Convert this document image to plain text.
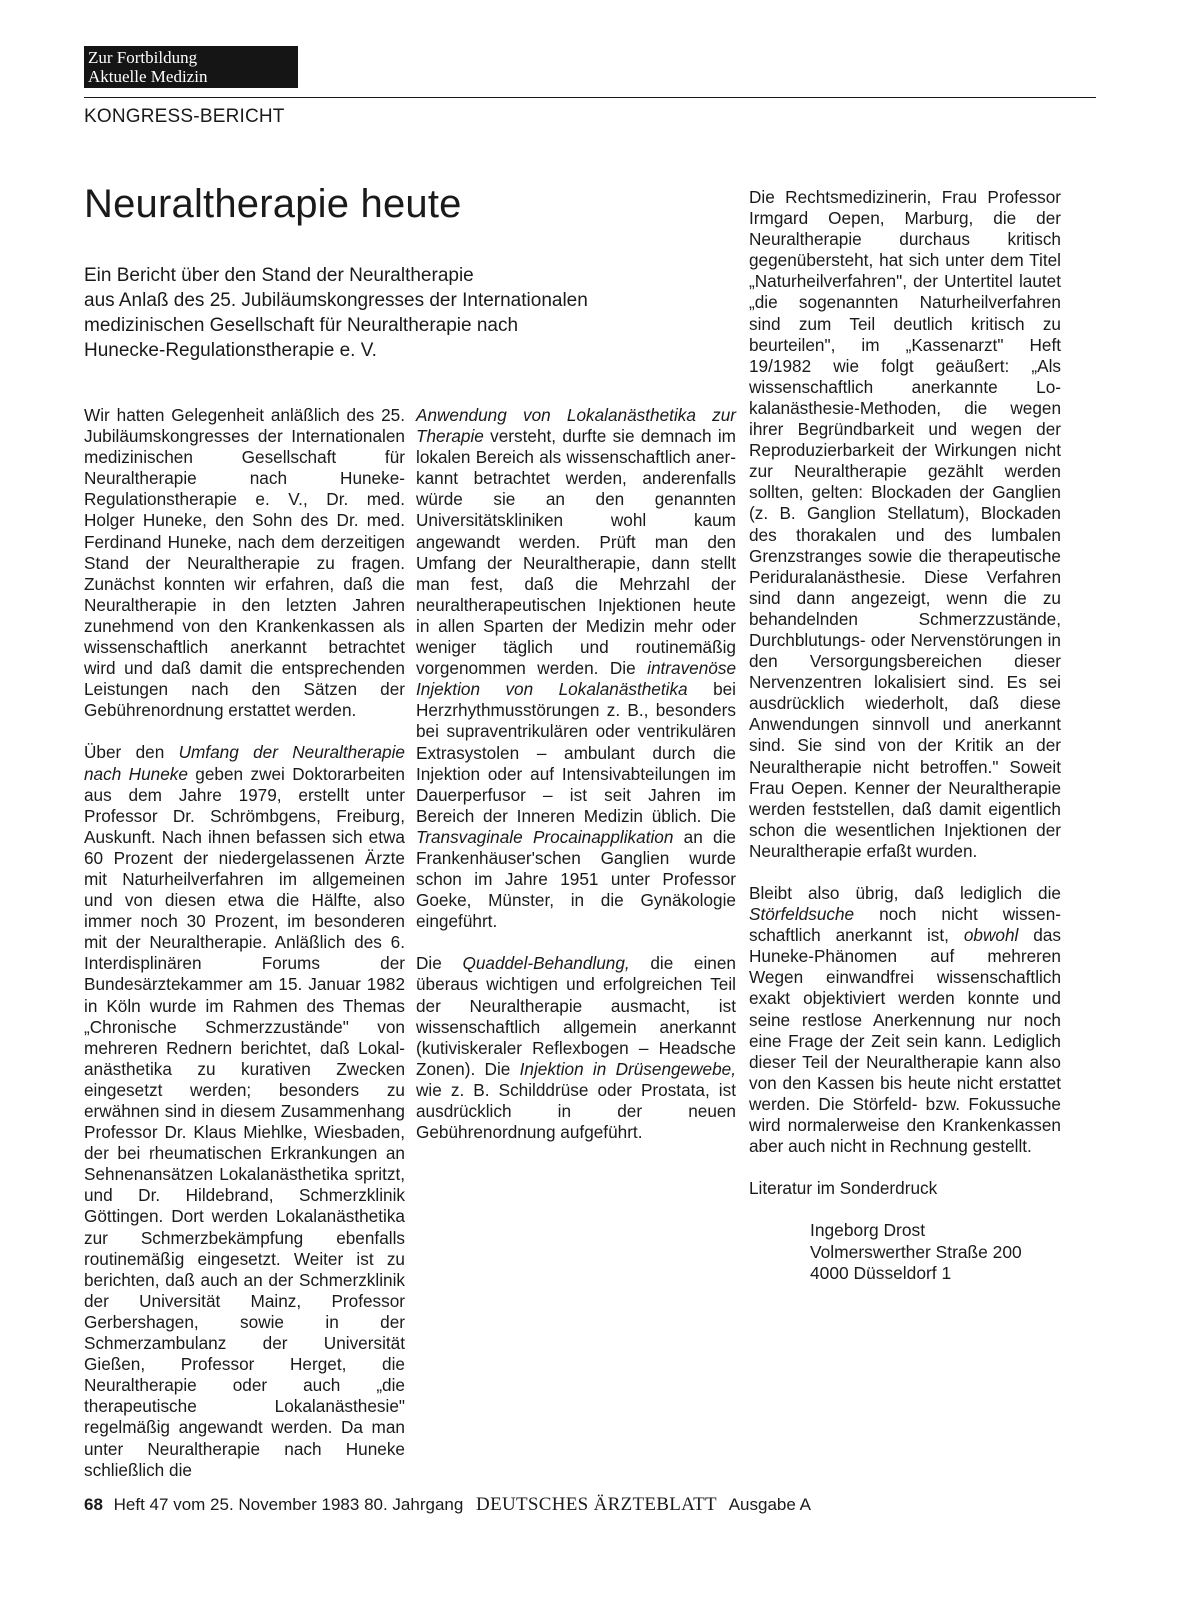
Zur Fortbildung
Aktuelle Medizin
KONGRESS-BERICHT
Neuraltherapie heute
Ein Bericht über den Stand der Neuraltherapie
aus Anlaß des 25. Jubiläumskongresses der Internationalen
medizinischen Gesellschaft für Neuraltherapie nach
Hunecke-Regulationstherapie e. V.

Wir hatten Gelegenheit anläßlich des 25. Jubiläumskongresses der Internationalen medizinischen Gesellschaft für Neuraltherapie nach Huneke-Regulationstherapie e. V., Dr. med. Holger Huneke, den Sohn des Dr. med. Ferdinand Huneke, nach dem derzeitigen Stand der Neuraltherapie zu fragen. Zunächst konnten wir erfahren, daß die Neuraltherapie in den letzten Jahren zunehmend von den Krankenkassen als wissenschaftlich anerkannt betrachtet wird und daß damit die entsprechenden Leistungen nach den Sätzen der Gebührenordnung erstattet werden.

Über den Umfang der Neuraltherapie nach Huneke geben zwei Doktorarbeiten aus dem Jahre 1979, erstellt unter Professor Dr. Schrömbgens, Freiburg, Auskunft. Nach ihnen befassen sich etwa 60 Prozent der niedergelassenen Ärzte mit Naturheilverfahren im allgemeinen und von diesen etwa die Hälfte, also immer noch 30 Prozent, im besonderen mit der Neuraltherapie. Anläßlich des 6. Interdisplinären Forums der Bundesärztekammer am 15. Januar 1982 in Köln wurde im Rahmen des Themas „Chronische Schmerzzustände" von mehreren Rednern berichtet, daß Lokalanästhetika zu kurativen Zwecken eingesetzt werden; besonders zu erwähnen sind in diesem Zusammenhang Professor Dr. Klaus Miehlke, Wiesbaden, der bei rheumatischen Erkrankungen an Sehnenansätzen Lokalanästhetika spritzt, und Dr. Hildebrand, Schmerzklinik Göttingen. Dort werden Lokalanästhetika zur Schmerzbekämpfung ebenfalls routinemäßig eingesetzt. Weiter ist zu berichten, daß auch an der Schmerzklinik der Universität Mainz, Professor Gerbershagen, sowie in der Schmerzambulanz der Universität Gießen, Professor Herget, die Neuraltherapie oder auch „die therapeutische Lokalanästhesie" regelmäßig angewandt werden. Da man unter Neuraltherapie nach Huneke schließlich die

Anwendung von Lokalanästhetika zur Therapie versteht, durfte sie demnach im lokalen Bereich als wissenschaftlich anerkannt betrachtet werden, anderenfalls würde sie an den genannten Universitätskliniken wohl kaum angewandt werden. Prüft man den Umfang der Neuraltherapie, dann stellt man fest, daß die Mehrzahl der neuraltherapeutischen Injektionen heute in allen Sparten der Medizin mehr oder weniger täglich und routinemäßig vorgenommen werden. Die intravenöse Injektion von Lokalanästhetika bei Herzrhythmusstörungen z. B., besonders bei supraventrikulären oder ventrikulären Extrasystolen – ambulant durch die Injektion oder auf Intensivabteilungen im Dauerperfusor – ist seit Jahren im Bereich der Inneren Medizin üblich. Die Transvaginale Procainapplikation an die Frankenhäuser'schen Ganglien wurde schon im Jahre 1951 unter Professor Goeke, Münster, in die Gynäkologie eingeführt.

Die Quaddel-Behandlung, die einen überaus wichtigen und erfolgreichen Teil der Neuraltherapie ausmacht, ist wissenschaftlich allgemein anerkannt (kutiviskeraler Reflexbogen – Headsche Zonen). Die Injektion in Drüsengewebe, wie z. B. Schilddrüse oder Prostata, ist ausdrücklich in der neuen Gebührenordnung aufgeführt.

Die Rechtsmedizinerin, Frau Professor Irmgard Oepen, Marburg, die der Neuraltherapie durchaus kritisch gegenübersteht, hat sich unter dem Titel „Naturheilverfahren", der Untertitel lautet „die sogenannten Naturheilverfahren sind zum Teil deutlich kritisch zu beurteilen", im „Kassenarzt" Heft 19/1982 wie folgt geäußert: „Als wissenschaftlich anerkannte Lokalanästhesie-Methoden, die wegen ihrer Begründbarkeit und wegen der Reproduzierbarkeit der Wirkungen nicht zur Neuraltherapie gezählt werden sollten, gelten: Blockaden der Ganglien (z. B. Ganglion Stellatum), Blockaden des thorakalen und des lumbalen Grenzstranges sowie die therapeutische Periduralanästhesie. Diese Verfahren sind dann angezeigt, wenn die zu behandelnden Schmerzzustände, Durchblutungs- oder Nervenstörungen in den Versorgungsbereichen dieser Nervenzentren lokalisiert sind. Es sei ausdrücklich wiederholt, daß diese Anwendungen sinnvoll und anerkannt sind. Sie sind von der Kritik an der Neuraltherapie nicht betroffen." Soweit Frau Oepen. Kenner der Neuraltherapie werden feststellen, daß damit eigentlich schon die wesentlichen Injektionen der Neuraltherapie erfaßt wurden.

Bleibt also übrig, daß lediglich die Störfeldsuche noch nicht wissenschaftlich anerkannt ist, obwohl das Huneke-Phänomen auf mehreren Wegen einwandfrei wissenschaftlich exakt objektiviert werden konnte und seine restlose Anerkennung nur noch eine Frage der Zeit sein kann. Lediglich dieser Teil der Neuraltherapie kann also von den Kassen bis heute nicht erstattet werden. Die Störfeld- bzw. Fokussuche wird normalerweise den Krankenkassen aber auch nicht in Rechnung gestellt.

Literatur im Sonderdruck

Ingeborg Drost
Volmerswerther Straße 200
4000 Düsseldorf 1
68 Heft 47 vom 25. November 1983 80. Jahrgang DEUTSCHES ÄRZTEBLATT Ausgabe A
